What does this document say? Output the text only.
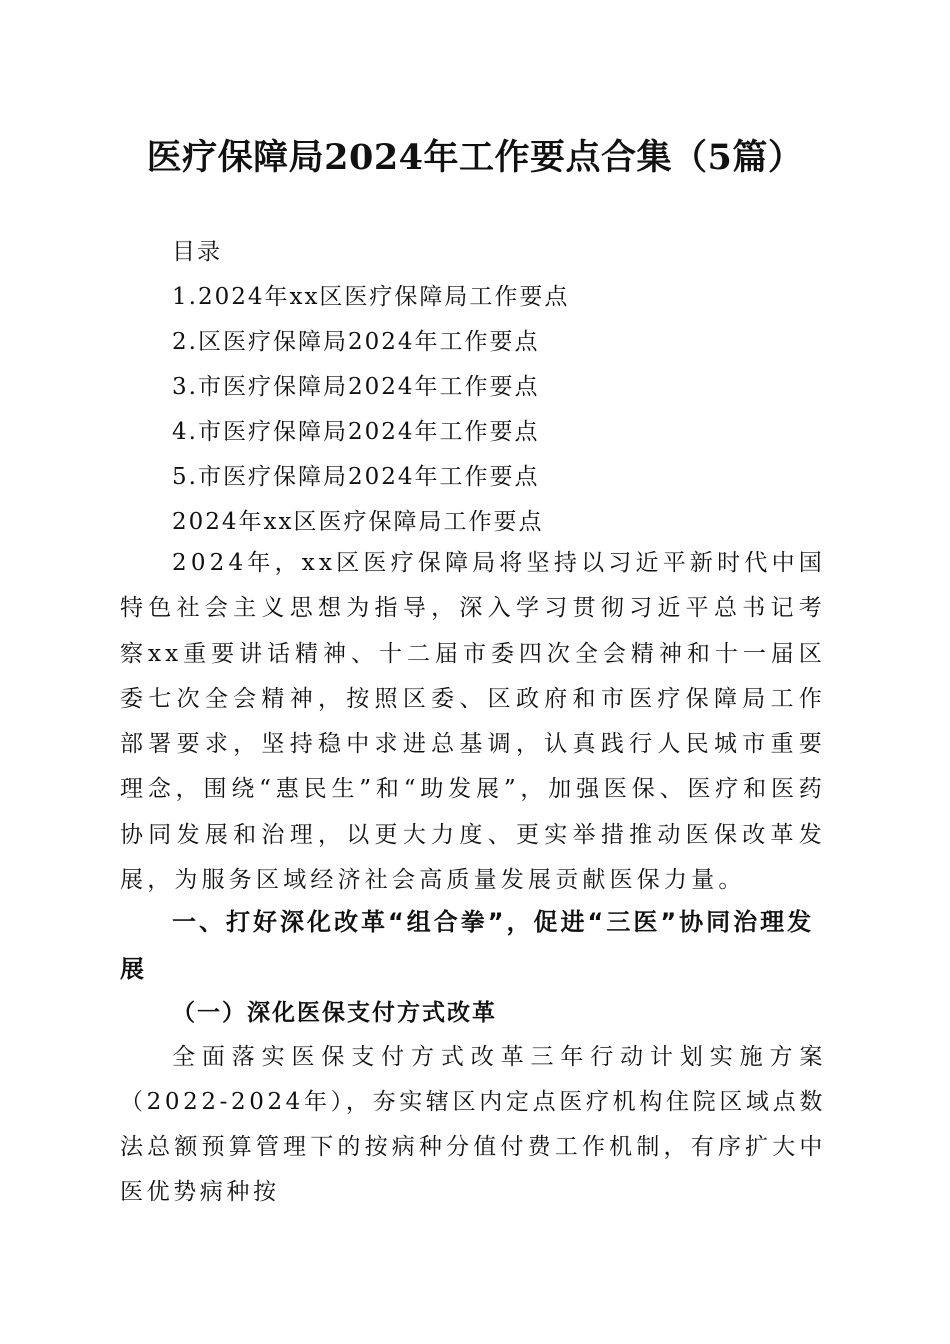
医疗保障局2024年工作要点合集（5篇）
目录
1.2024年xx区医疗保障局工作要点
2.区医疗保障局2024年工作要点
3.市医疗保障局2024年工作要点
4.市医疗保障局2024年工作要点
5.市医疗保障局2024年工作要点
2024年xx区医疗保障局工作要点

2024年，xx区医疗保障局将坚持以习近平新时代中国特色社会主义思想为指导，深入学习贯彻习近平总书记考察xx重要讲话精神、十二届市委四次全会精神和十一届区委七次全会精神，按照区委、区政府和市医疗保障局工作部署要求，坚持稳中求进总基调，认真践行人民城市重要理念，围绕“惠民生”和“助发展”，加强医保、医疗和医药协同发展和治理，以更大力度、更实举措推动医保改革发展，为服务区域经济社会高质量发展贡献医保力量。

一、打好深化改革“组合拳”，促进“三医”协同治理发展
（一）深化医保支付方式改革

全面落实医保支付方式改革三年行动计划实施方案（2022-2024年），夯实辖区内定点医疗机构住院区域点数法总额预算管理下的按病种分值付费工作机制，有序扩大中医优势病种按
